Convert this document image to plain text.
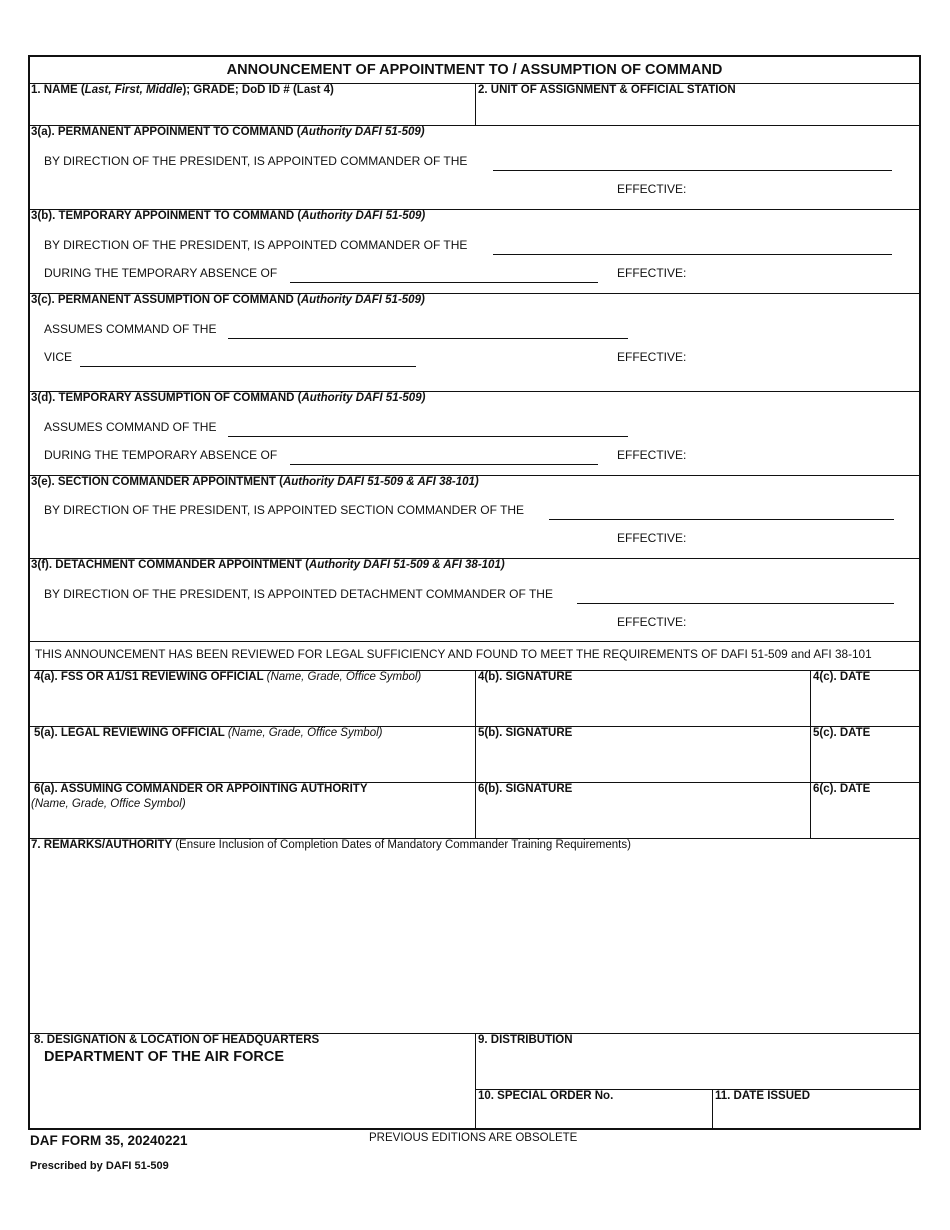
ANNOUNCEMENT OF APPOINTMENT TO / ASSUMPTION OF COMMAND
1. NAME (Last, First, Middle); GRADE; DoD ID # (Last 4)	2. UNIT OF ASSIGNMENT & OFFICIAL STATION
3(a). PERMANENT APPOINMENT TO COMMAND (Authority DAFI 51-509)
BY DIRECTION OF THE PRESIDENT, IS APPOINTED COMMANDER OF THE
EFFECTIVE:
3(b). TEMPORARY APPOINMENT TO COMMAND (Authority DAFI 51-509)
BY DIRECTION OF THE PRESIDENT, IS APPOINTED COMMANDER OF THE
DURING THE TEMPORARY ABSENCE OF	EFFECTIVE:
3(c). PERMANENT ASSUMPTION OF COMMAND (Authority DAFI 51-509)
ASSUMES COMMAND OF THE
VICE	EFFECTIVE:
3(d). TEMPORARY ASSUMPTION OF COMMAND (Authority DAFI 51-509)
ASSUMES COMMAND OF THE
DURING THE TEMPORARY ABSENCE OF	EFFECTIVE:
3(e). SECTION COMMANDER APPOINTMENT (Authority DAFI 51-509 & AFI 38-101)
BY DIRECTION OF THE PRESIDENT, IS APPOINTED SECTION COMMANDER OF THE
EFFECTIVE:
3(f). DETACHMENT COMMANDER APPOINTMENT (Authority DAFI 51-509 & AFI 38-101)
BY DIRECTION OF THE PRESIDENT, IS APPOINTED DETACHMENT COMMANDER OF THE
EFFECTIVE:
THIS ANNOUNCEMENT HAS BEEN REVIEWED FOR LEGAL SUFFICIENCY AND FOUND TO MEET THE REQUIREMENTS OF DAFI 51-509 and AFI 38-101
4(a). FSS OR A1/S1 REVIEWING OFFICIAL (Name, Grade, Office Symbol)	4(b). SIGNATURE	4(c). DATE
5(a). LEGAL REVIEWING OFFICIAL (Name, Grade, Office Symbol)	5(b). SIGNATURE	5(c). DATE
6(a). ASSUMING COMMANDER OR APPOINTING AUTHORITY
(Name, Grade, Office Symbol)
6(b). SIGNATURE	6(c). DATE
7. REMARKS/AUTHORITY (Ensure Inclusion of Completion Dates of Mandatory Commander Training Requirements)
8. DESIGNATION & LOCATION OF HEADQUARTERS
DEPARTMENT OF THE AIR FORCE
9. DISTRIBUTION
10. SPECIAL ORDER No.	11. DATE ISSUED
DAF FORM 35, 20240221	PREVIOUS EDITIONS ARE OBSOLETE
Prescribed by DAFI 51-509
